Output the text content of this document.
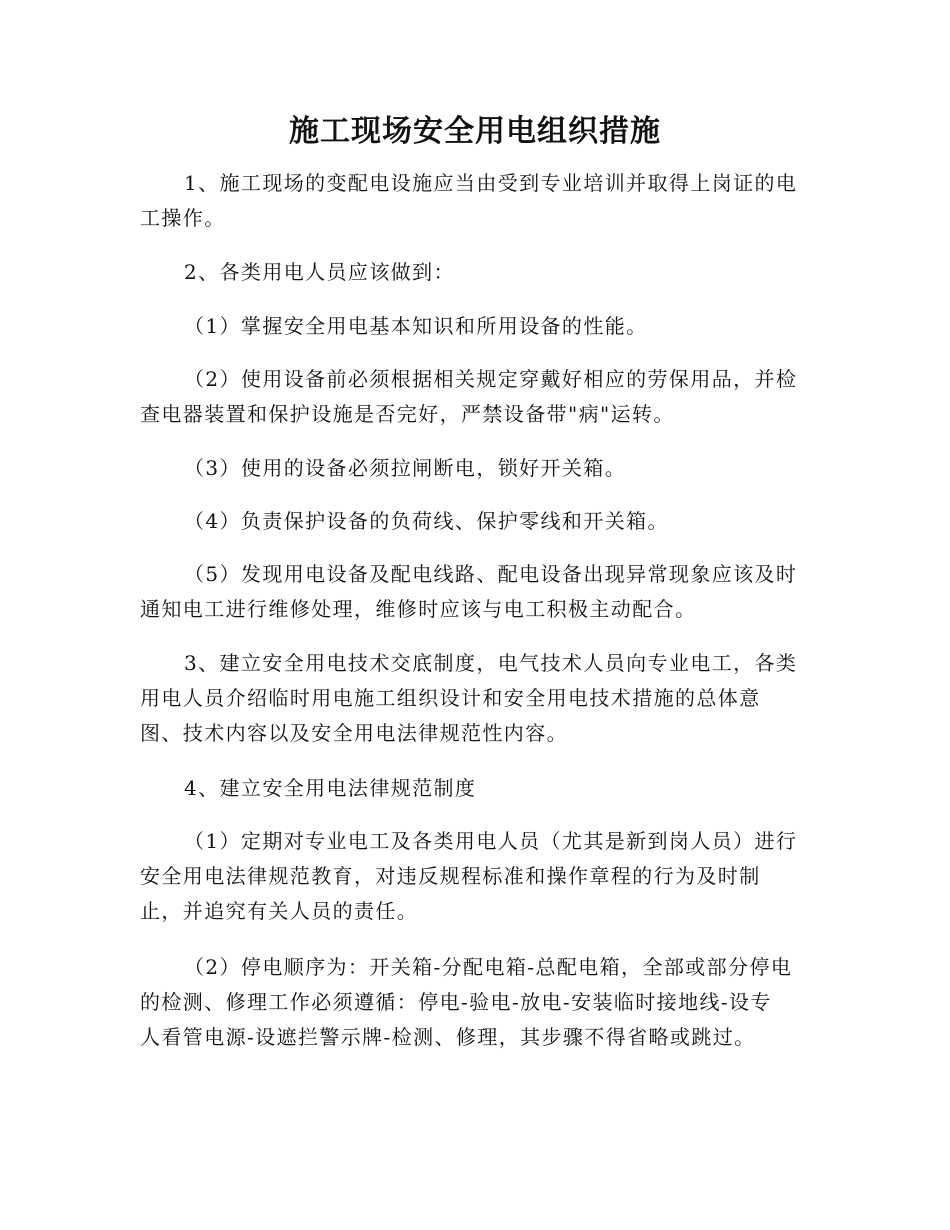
施工现场安全用电组织措施
1、施工现场的变配电设施应当由受到专业培训并取得上岗证的电
工操作。
2、各类用电人员应该做到：
（1）掌握安全用电基本知识和所用设备的性能。
（2）使用设备前必须根据相关规定穿戴好相应的劳保用品，并检
查电器装置和保护设施是否完好，严禁设备带"病"运转。
（3）使用的设备必须拉闸断电，锁好开关箱。
（4）负责保护设备的负荷线、保护零线和开关箱。
（5）发现用电设备及配电线路、配电设备出现异常现象应该及时
通知电工进行维修处理，维修时应该与电工积极主动配合。
3、建立安全用电技术交底制度，电气技术人员向专业电工，各类
用电人员介绍临时用电施工组织设计和安全用电技术措施的总体意
图、技术内容以及安全用电法律规范性内容。
4、建立安全用电法律规范制度
（1）定期对专业电工及各类用电人员（尤其是新到岗人员）进行
安全用电法律规范教育，对违反规程标准和操作章程的行为及时制
止，并追究有关人员的责任。
（2）停电顺序为：开关箱-分配电箱-总配电箱，全部或部分停电
的检测、修理工作必须遵循：停电-验电-放电-安装临时接地线-设专
人看管电源-设遮拦警示牌-检测、修理，其步骤不得省略或跳过。
